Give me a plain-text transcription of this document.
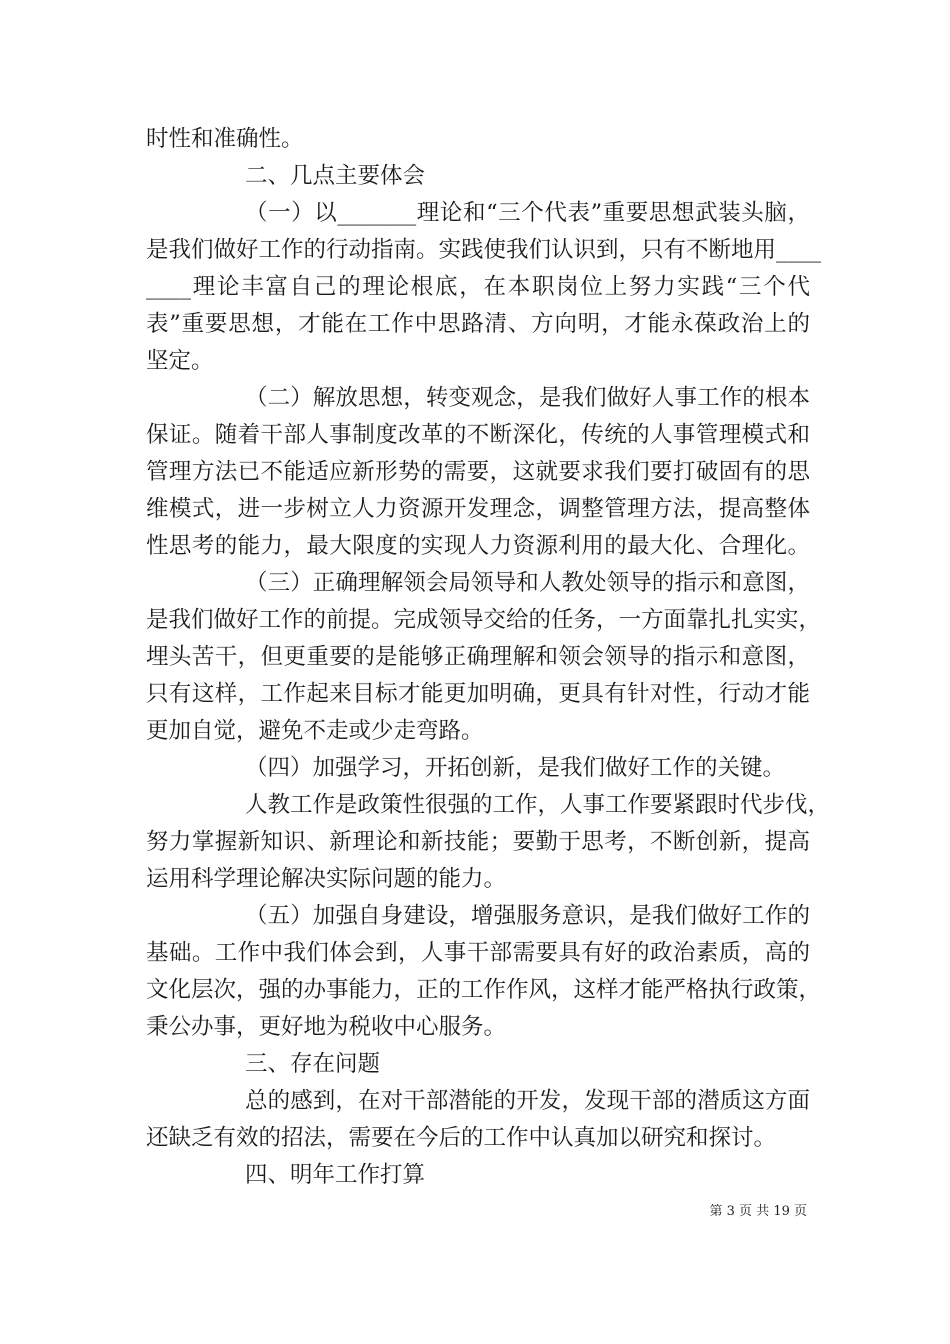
时性和准确性。
二、几点主要体会
（一）以_______理论和“三个代表”重要思想武装头脑，
是我们做好工作的行动指南。实践使我们认识到，只有不断地用____
____理论丰富自己的理论根底，在本职岗位上努力实践“三个代
表”重要思想，才能在工作中思路清、方向明，才能永葆政治上的
坚定。
（二）解放思想，转变观念，是我们做好人事工作的根本
保证。随着干部人事制度改革的不断深化，传统的人事管理模式和
管理方法已不能适应新形势的需要，这就要求我们要打破固有的思
维模式，进一步树立人力资源开发理念，调整管理方法，提高整体
性思考的能力，最大限度的实现人力资源利用的最大化、合理化。
（三）正确理解领会局领导和人教处领导的指示和意图，
是我们做好工作的前提。完成领导交给的任务，一方面靠扎扎实实，
埋头苦干，但更重要的是能够正确理解和领会领导的指示和意图，
只有这样，工作起来目标才能更加明确，更具有针对性，行动才能
更加自觉，避免不走或少走弯路。
（四）加强学习，开拓创新，是我们做好工作的关键。
人教工作是政策性很强的工作，人事工作要紧跟时代步伐，
努力掌握新知识、新理论和新技能；要勤于思考，不断创新，提高
运用科学理论解决实际问题的能力。
（五）加强自身建设，增强服务意识，是我们做好工作的
基础。工作中我们体会到，人事干部需要具有好的政治素质，高的
文化层次，强的办事能力，正的工作作风，这样才能严格执行政策，
秉公办事，更好地为税收中心服务。
三、存在问题
总的感到，在对干部潜能的开发，发现干部的潜质这方面
还缺乏有效的招法，需要在今后的工作中认真加以研究和探讨。
四、明年工作打算
第 3 页 共 19 页
